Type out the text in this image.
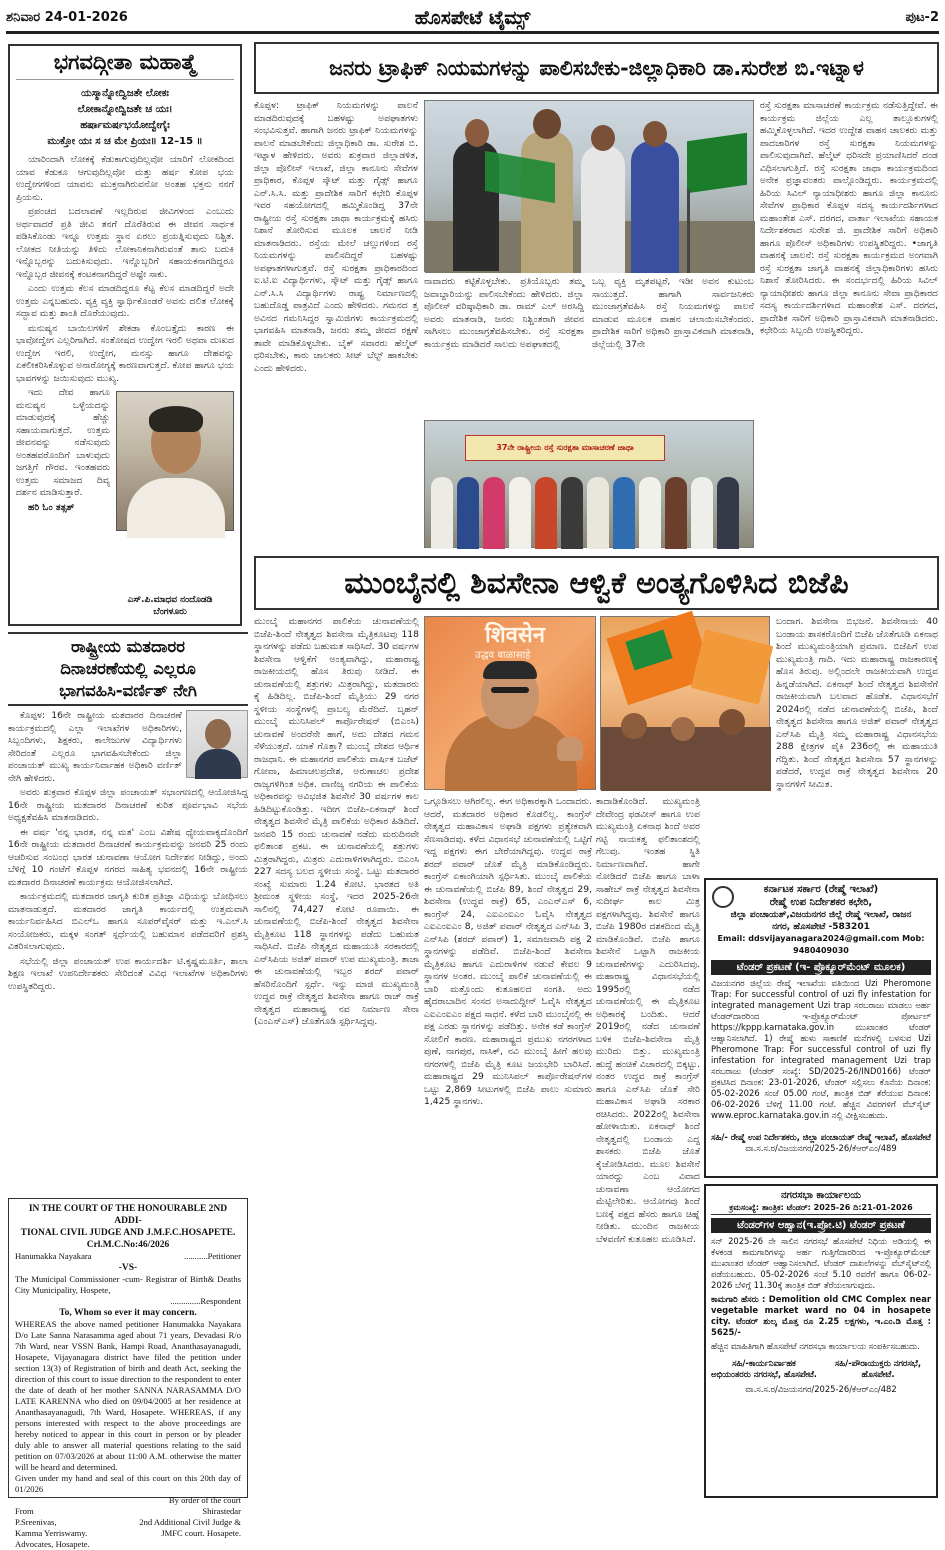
ಶನಿವಾರ 24-01-2026	ಹೊಸಪೇಟೆ ಟೈಮ್ಸ್	ಪುಟ-2
ಭಗವದ್ಗೀತಾ ಮಹಾತ್ಮೆ
ಯಸ್ಮಾನ್ನೋದ್ವಿಜತೇ ಲೋಕಃ
ಲೋಕಾನ್ನೋದ್ವಿಜತೇ ಚ ಯಃ।
ಹರ್ಷಾಮರ್ಷಭಯೋದ್ವೇಗೈಃ
ಮುಕ್ತೋ ಯಃ ಸ ಚ ಮೇ ಪ್ರಿಯಃ॥ 12–15 ॥

ಯಾರಿಂದಾಗಿ ಲೋಕಕ್ಕೆ ಕೆಡುಕಾಗುವುದಿಲ್ಲವೋ ಯಾರಿಗೆ ಲೋಕದಿಂದ ಯಾವ ಕೆಡುಕೂ ಆಗುವುದಿಲ್ಲವೋ ಮತ್ತು ಹರ್ಷ ಕೋಪ ಭಯ ಉದ್ವೇಗಗಳಿಂದ ಯಾವನು ಮುಕ್ತನಾಗಿರುವನೋ ಅಂತಹ ಭಕ್ತನು ನನಗೆ ಪ್ರಿಯನು.

ಪ್ರಪಂಚದ ಬದಲಾವಣೆ ಇಲ್ಲದಿರುವ ಜೀವಿಗಳಂದ ಎಂಬುದು ಅರ್ಥವಾದರೆ ಪ್ರತಿ ಜೀವಿ ತನಗೆ ದೊರೆತಿರುವ ಈ ಜೀವನ ಸಾರ್ಥಕ ಪಡಿಸಿಕೊಂಡು ಇನ್ನೂ ಉತ್ತಮ ಸ್ಥಾನ ಏರಲು ಪ್ರಯತ್ನಿಸುವುದು ನಿಶ್ಚಿತ. ಲೋಕದ ನೀತಿಯನ್ನು ತಿಳಿದು ಲೋಕಾನಿಕನಾಗಿರುವಂತೆ ತಾನು ಬದುಕಿ ಇನ್ನೊಬ್ಬರನ್ನು ಬದುಕಿಸುವುದು. ಇನ್ನೊಬ್ಬರಿಗೆ ಸಹಾಯಕನಾಗದಿದ್ದರೂ ಇನ್ನೊಬ್ಬರ ಜೀವನಕ್ಕೆ ಕಂಟಕನಾಗದಿದ್ದರೆ ಅಷ್ಟೇ ಸಾಕು.

ಎಂದು ಉತ್ತಮ ಕೆಲಸ ಮಾಡದಿದ್ದರೂ ಕೆಟ್ಟ ಕೆಲಸ ಮಾಡದಿದ್ದರೆ ಅದೇ ಉತ್ತಮ ಎನ್ನಬಹುದು. ವ್ಯಕ್ತಿ ವ್ಯಕ್ತಿ ಸ್ವಾರ್ಥಿಕೊಂಡರೆ ಅವನು ದಲಿತ ಲೋಕಕ್ಕೆ ಸದ್ಭಾವ ಮತ್ತು ಶಾಂತಿ ದೊರೆಯುವುದು.

ಮನುಷ್ಯನ ಬಾಯಿಲಗಳಿಗೆ ಶೇಕಡಾ ಕೊಂಬತ್ತೈದು ಕಾರಣ ಈ ಭಾವೋದ್ವೇಗ ಎಲ್ಲರಿಗಾಗಿದೆ. ಸಂತೋಷದ ಉದ್ವೇಗ ಇರಲಿ ಅಥವಾ ದುಃಖದ ಉದ್ವೇಗ ಇರಲಿ, ಉದ್ವೇಗ, ಮನಸ್ಸು ಹಾಗೂ ದೇಹವನ್ನು ಏಕಲೀಕರಿಸಿಕೊಳ್ಳುವ ಅನಾರೋಗ್ಯಕ್ಕೆ ಕಾರಣವಾಗುತ್ತದೆ. ಕೋಪ ಹಾಗೂ ಭಯ ಭಾವಗಳನ್ನು ಜಯಿಸುವುದು ಮುಖ್ಯ.

ಇದು ದೇವ ಹಾಗೂ ಮನುಷ್ಯನ ಒಳ್ಳೆಯದನ್ನು ಮಾಡುವುದಕ್ಕೆ ಹೆಚ್ಚು ಸಹಾಯವಾಗುತ್ತದೆ. ಉತ್ತಮ ಜೀವನವನ್ನು ನಡೆಸುವುದು ಅಂತಹವರೊಂದಿಗೆ ಬಾಳುವುದು ಜಗತ್ತಿಗೆ ಗೌರವ. ಇಂತಹವರು ಉತ್ತಮ ಸಮಾಜದ ದಿವ್ಯ ದರ್ಶನ ಮಾಡಿಸುತ್ತಾರೆ.

ಹರಿ ಓಂ ತತ್ಸತ್

ಎಸ್.ಪಿ.ಮಾಧವ ನಂದೊಡಡಿ
ಬೆಂಗಳೂರು
ರಾಷ್ಟ್ರೀಯ ಮತದಾರರ
ದಿನಾಚರಣೆಯಲ್ಲಿ ಎಲ್ಲರೂ
ಭಾಗವಹಿಸಿ-ವರ್ಣಿತ್ ನೇಗಿ

ಕೊಪ್ಪಳ: 16ನೇ ರಾಷ್ಟ್ರೀಯ ಮತದಾರರ ದಿನಾಚರಣೆ ಕಾರ್ಯಕ್ರಮದಲ್ಲಿ ಎಲ್ಲಾ ಇಲಾಖೆಗಳ ಅಧಿಕಾರಿಗಳು, ಸಿಬ್ಬಂದಿಗಳು, ಶಿಕ್ಷಕರು, ಕಾಲೇಜುಗಳ ವಿದ್ಯಾರ್ಥಿಗಳು ಸೇರಿದಂತೆ ಎಲ್ಲರೂ ಭಾಗವಹಿಸಬೇಕೆಂದು ಜಿಲ್ಲಾ ಪಂಚಾಯತ್ ಮುಖ್ಯ ಕಾರ್ಯನಿರ್ವಾಹಕ ಅಧಿಕಾರಿ ವರ್ಣಿತ್ ನೇಗಿ ಹೇಳಿದರು.

ಅವರು ಶುಕ್ರವಾರ ಕೊಪ್ಪಳ ಜಿಲ್ಲಾ ಪಂಚಾಯತ್ ಸಭಾಂಗಣದಲ್ಲಿ ಆಯೋಜಿಸಿದ್ದ 16ನೇ ರಾಷ್ಟ್ರೀಯ ಮತದಾರರ ದಿನಾಚರಣೆ ಕುರಿತ ಪೂರ್ವಭಾವಿ ಸಭೆಯ ಅಧ್ಯಕ್ಷತೆವಹಿಸಿ ಮಾತನಾಡಿದರು.

ಈ ವರ್ಷ 'ನನ್ನ ಭಾರತ, ನನ್ನ ಮತ' ಎಂಬ ವಿಶೇಷ ಧ್ಯೇಯವಾಕ್ಯದೊಂದಿಗೆ 16ನೇ ರಾಷ್ಟ್ರೀಯ ಮತದಾರರ ದಿನಾಚರಣೆ ಕಾರ್ಯಕ್ರಮವನ್ನು ಜನವರಿ 25 ರಂದು ಆಚರಿಸುವ ಸಂಬಂಧ ಭಾರತ ಚುನಾವಣಾ ಆಯೋಗ ನಿರ್ದೇಶನ ನೀಡಿದ್ದು, ಅಂದು ಬೆಳಿಗ್ಗೆ 10 ಗಂಟೆಗೆ ಕೊಪ್ಪಳ ನಗರದ ಸಾಹಿತ್ಯ ಭವನದಲ್ಲಿ 16ನೇ ರಾಷ್ಟ್ರೀಯ ಮತದಾರರ ದಿನಾಚರಣೆ ಕಾರ್ಯಕ್ರಮ ಆಯೋಜಿಸಲಾಗಿದೆ.

ಕಾರ್ಯಕ್ರಮದಲ್ಲಿ ಮತದಾರರ ಜಾಗೃತಿ ಕುರಿತ ಪ್ರತಿಜ್ಞಾ ವಿಧಿಯನ್ನು ಬೋಧಿಸಲು ಮಾತನಾಡುತ್ತದೆ. ಮತದಾರರ ಜಾಗೃತಿ ಕಾರ್ಯದಲ್ಲಿ ಉತ್ತಮವಾಗಿ ಕಾರ್ಯನಿರ್ವಹಿಸಿದ ಬಿಎಲ್‌ಒ ಹಾಗೂ ಸೂಪರ್‌ವೈಸರ್ ಮತ್ತು ಇ.ಎಲ್.ಸಿ ಸಂಯೋಜಕರು, ಮಕ್ಕಳ ಸಂಗತ್ ಸ್ಪರ್ಧೆಯಲ್ಲಿ ಬಹುಮಾನ ಪಡೆದವರಿಗೆ ಪ್ರಶಸ್ತಿ ವಿತರಿಸಲಾಗುವುದು.

ಸಭೆಯಲ್ಲಿ ಜಿಲ್ಲಾ ಪಂಚಾಯತ್ ಉಪ ಕಾರ್ಯದರ್ಶಿ ಟಿ.ಕೃಷ್ಣಮೂರ್ತಿ, ಶಾಲಾ ಶಿಕ್ಷಣ ಇಲಾಖೆ ಉಪನಿರ್ದೇಶಕರು ಸೇರಿದಂತೆ ವಿವಿಧ ಇಲಾಖೆಗಳ ಅಧಿಕಾರಿಗಳು ಉಪಸ್ಥಿತರಿದ್ದರು.

IN THE COURT OF THE HONOURABLE 2ND ADDI-
TIONAL CIVIL JUDGE AND J.M.F.C.HOSAPETE.
Crl.M.C.No:46/2026
Hanumakka Nayakara	...........Petitioner
-VS-
The Municipal Commissioner -cum- Registrar of Birth& Deaths City Municipality, Hospete,
..............Respondent
To, Whom so ever it may concern.
WHEREAS the above named petitioner Hanumakka Nayakara D/o Late Sanna Narasamma aged about 71 years, Devadasi R/o 7th Ward, near VSSN Bank, Hampi Road, Ananthasayanagudi, Hosapete, Vijayanagara district have filed the petition under section 13(3) of Registration of birth and death Act, seeking the direction of this court to issue direction to the respondent to enter the date of death of her mother SANNA NARASAMMA D/O LATE KARENNA who died on 09/04/2005 at her residence at Ananthasayanagudi, 7th Ward, Hosapete. WHEREAS, if any persons interested with respect to the above proceedings are hereby noticed to appear in this court in person or by pleader duly able to answer all material questions relating to the said petition on 07/03/2026 at about 11:00 A.M. otherwise the matter will be heard and determined.
Given under my hand and seal of this court on this 20th day of 01/2026
By order of the court
From	Shirastedar
P.Sreenivas,	2nd Additional Civil Judge &
Kamma Yerriswamy.	JMFC court. Hosapete.
Advocates, Hosapete.
ಜನರು ಟ್ರಾಫಿಕ್ ನಿಯಮಗಳನ್ನು ಪಾಲಿಸಬೇಕು-ಜಿಲ್ಲಾಧಿಕಾರಿ ಡಾ.ಸುರೇಶ ಬಿ.ಇಟ್ನಾಳ
ಕೊಪ್ಪಳ: ಟ್ರಾಫಿಕ್ ನಿಯಮಗಳನ್ನು ಪಾಲನೆ ಮಾಡದಿರುವುದಕ್ಕೆ ಬಹಳಷ್ಟು ಅಪಘಾತಗಳು ಸಂಭವಿಸುತ್ತವೆ. ಹಾಗಾಗಿ ಜನರು ಟ್ರಾಫಿಕ್ ನಿಯಮಗಳನ್ನು ಪಾಲನೆ ಮಾಡಬೇಕೆಂದು ಜಿಲ್ಲಾಧಿಕಾರಿ ಡಾ. ಸುರೇಶ ಬಿ. ಇಟ್ನಾಳ ಹೇಳಿದರು. ಅವರು ಶುಕ್ರವಾರ ಜಿಲ್ಲಾಡಳಿತ, ಜಿಲ್ಲಾ ಪೊಲೀಸ್ ಇಲಾಖೆ, ಜಿಲ್ಲಾ ಕಾನೂನು ಸೇವೆಗಳ ಪ್ರಾಧಿಕಾರ, ಕೊಪ್ಪಳ ಸ್ಕೌಟ್ ಮತ್ತು ಗೈಡ್ಸ್ ಹಾಗೂ ಎನ್.ಸಿ.ಸಿ. ಮತ್ತು ಪ್ರಾದೇಶಿಕ ಸಾರಿಗೆ ಕಛೇರಿ ಕೊಪ್ಪಳ ಇವರ ಸಹಯೋಗದಲ್ಲಿ ಹಮ್ಮಿಕೊಂಡಿದ್ದ 37ನೇ ರಾಷ್ಟ್ರೀಯ ರಸ್ತೆ ಸುರಕ್ಷತಾ ಜಾಥಾ ಕಾರ್ಯಕ್ರಮಕ್ಕೆ ಹಸಿರು ನಿಶಾನೆ ತೋರಿಸುವ ಮೂಲಕ ಚಾಲನೆ ನೀಡಿ ಮಾತನಾಡಿದರು. ರಸ್ತೆಯ ಮೇಲೆ ಚಲ್ಲುಗಳಿಂದ ರಸ್ತೆ ನಿಯಮಗಳನ್ನು ಪಾಲಿಸದಿದ್ದರೆ ಬಹಳಷ್ಟು ಅಪಘಾತಗಳಾಗುತ್ತವೆ. ರಸ್ತೆ ಸುರಕ್ಷತಾ ಪ್ರಾಧಿಕಾರದಿಂದ ಐ.ಟಿ.ಐ ವಿದ್ಯಾರ್ಥಿಗಳು, ಸ್ಕೌಟ್ ಮತ್ತು ಗೈಡ್ಸ್ ಹಾಗೂ ಎನ್.ಸಿ.ಸಿ ವಿದ್ಯಾರ್ಥಿಗಳು ರಾಷ್ಟ್ರ ನಿರ್ಮಾಣದಲ್ಲಿ ಬಹುದೊಡ್ಡ ಪಾತ್ರವಿದೆ ಎಂದು ಹೇಳಿದರು. ಗಮನದ ತ್ತ ಅವಿನದ ಗಮನಿಸಿದ್ದರ ಸ್ವಾಮಿಜಿಗಳು ಕಾರ್ಯಕ್ರಮದಲ್ಲಿ ಭಾಗವಹಿಸಿ ಮಾತನಾಡಿ, ಜನರು ತಮ್ಮ ಜೀವದ ರಕ್ಷಣೆ ತಾವೇ ಮಾಡಿಕೊಳ್ಳಬೇಕು. ಬೈಕ್ ಸವಾರರು ಹೆಲ್ಮೆಟ್ ಧರಿಸಬೇಕು, ಕಾರು ಚಾಲಕರು ಸೀಟ್ ಬೆಲ್ಟ್ ಹಾಕಬೇಕು ಎಂದು ಹೇಳಿದರು.
ನಾವಾದರು ಕಟ್ಟಿಕೊಳ್ಳಬೇಕು. ಪ್ರತಿಯೊಬ್ಬರು ತಮ್ಮ ಜವಾಬ್ದಾರಿಯನ್ನು ಪಾಲಿಸಬೇಕೆಂದು ಹೇಳಿದರು. ಜಿಲ್ಲಾ ಪೊಲೀಸ್ ವರಿಷ್ಠಾಧಿಕಾರಿ ಡಾ. ರಾಮ್ ಎಲ್ ಅರಸಿದ್ದಿ ಅವರು ಮಾತನಾಡಿ, ಜನರು ನಿಶ್ಚಿಂತರಾಗಿ ಜೀವನ ಸಾಗಿಸಲು ಮುಂಜಾಗ್ರತೆವಹಿಸಬೇಕು. ರಸ್ತೆ ಸುರಕ್ಷತಾ ಕಾರ್ಯಕ್ರಮ ಮಾಡಿದರೆ ಸಾಲದು ಅಪಘಾತದಲ್ಲಿ
ಒಬ್ಬ ವ್ಯಕ್ತಿ ಮೃತಪಟ್ಟರೆ, ಇಡೀ ಅವನ ಕುಟುಂಬ ಸಾಯುತ್ತದೆ. ಹಾಗಾಗಿ ಸಾರ್ವಜನಿಕರು ಮುಂಜಾಗ್ರತೆವಹಿಸಿ ರಸ್ತೆ ನಿಯಮಗಳನ್ನು ಪಾಲನೆ ಮಾಡುವ ಮೂಲಕ ವಾಹನ ಚಲಾಯಿಸಬೇಕೆಂದರು. ಪ್ರಾದೇಶಿಕ ಸಾರಿಗೆ ಅಧಿಕಾರಿ ಪ್ರಾಸ್ತಾವಿಕವಾಗಿ ಮಾತನಾಡಿ, ಜಿಲ್ಲೆಯಲ್ಲಿ 37ನೇ
37ನೇ ರಾಷ್ಟ್ರೀಯ ರಸ್ತೆ ಸುರಕ್ಷತಾ ಮಾಸಾಚರಣೆ ಜಾಥಾ
ರಸ್ತೆ ಸುರಕ್ಷತಾ ಮಾಸಾಚರಣೆ ಕಾರ್ಯಕ್ರಮ ನಡೆಸುತ್ತಿದ್ದೇವೆ. ಈ ಕಾರ್ಯಕ್ರಮ ಜಿಲ್ಲೆಯ ಎಲ್ಲ ತಾಲ್ಲೂಕುಗಳಲ್ಲಿ ಹಮ್ಮಿಕೊಳ್ಳಲಾಗಿದೆ. ಇದರ ಉದ್ದೇಶ ವಾಹನ ಚಾಲಕರು ಮತ್ತು ಪಾದಚಾರಿಗಳ ರಸ್ತೆ ಸುರಕ್ಷತಾ ನಿಯಮಗಳನ್ನು ಪಾಲಿಸುವುದಾಗಿದೆ. ಹೆಲ್ಮೆಟ್ ಧರಿಸದೇ ಪ್ರಯಾಣಿಸಿದರೆ ದಂಡ ವಿಧಿಸಲಾಗುತ್ತಿದೆ. ರಸ್ತೆ ಸುರಕ್ಷತಾ ಜಾಥಾ ಕಾರ್ಯಕ್ರಮದಿಂದ ಅನೇಕ ಪ್ರಜ್ಞಾವಂತರು ಪಾಲ್ಗೊಂಡಿದ್ದರು. ಕಾರ್ಯಕ್ರಮದಲ್ಲಿ ಹಿರಿಯ ಸಿವಿಲ್ ನ್ಯಾಯಾಧೀಶರು ಹಾಗೂ ಜಿಲ್ಲಾ ಕಾನೂನು ಸೇವೆಗಳ ಪ್ರಾಧಿಕಾರ ಕೊಪ್ಪಳ ಸದಸ್ಯ ಕಾರ್ಯದರ್ಶಿಗಳಾದ ಮಹಾಂತೇಶ ಎಸ್. ದರಗದ, ವಾರ್ತಾ ಇಲಾಖೆಯ ಸಹಾಯಕ ನಿರ್ದೇಶಕರಾದ ಸುರೇಶ ಜಿ. ಪ್ರಾದೇಶಿಕ ಸಾರಿಗೆ ಅಧಿಕಾರಿ ಹಾಗೂ ಪೊಲೀಸ್ ಅಧಿಕಾರಿಗಳು ಉಪಸ್ಥಿತರಿದ್ದರು. •ಜಾಗೃತಿ ವಾಹನಕ್ಕೆ ಚಾಲನೆ: ರಸ್ತೆ ಸುರಕ್ಷತಾ ಕಾರ್ಯಕ್ರಮದ ಅಂಗವಾಗಿ ರಸ್ತೆ ಸುರಕ್ಷತಾ ಜಾಗೃತಿ ವಾಹನಕ್ಕೆ ಜಿಲ್ಲಾಧಿಕಾರಿಗಳು ಹಸಿರು ನಿಶಾನೆ ತೋರಿಸಿದರು. ಈ ಸಂದರ್ಭದಲ್ಲಿ ಹಿರಿಯ ಸಿವಿಲ್ ನ್ಯಾಯಾಧೀಶರು ಹಾಗೂ ಜಿಲ್ಲಾ ಕಾನೂನು ಸೇವಾ ಪ್ರಾಧಿಕಾರದ ಸದಸ್ಯ ಕಾರ್ಯದರ್ಶಿಗಳಾದ ಮಹಾಂತೇಶ ಎಸ್. ದರಗದ, ಪ್ರಾದೇಶಿಕ ಸಾರಿಗೆ ಅಧಿಕಾರಿ ಪ್ರಾಸ್ತಾವಿಕವಾಗಿ ಮಾತನಾಡಿದರು. ಕಛೇರಿಯ ಸಿಬ್ಬಂದಿ ಉಪಸ್ಥಿತರಿದ್ದರು.
ಮುಂಬೈನಲ್ಲಿ ಶಿವಸೇನಾ ಆಳ್ವಿಕೆ ಅಂತ್ಯಗೊಳಿಸಿದ ಬಿಜೆಪಿ
ಮುಂಬೈ ಮಹಾನಗರ ಪಾಲಿಕೆಯ ಚುನಾವಣೆಯಲ್ಲಿ ಬಿಜೆಪಿ-ಶಿಂದೆ ನೇತೃತ್ವದ ಶಿವಸೇನಾ ಮೈತ್ರಿಕೂಟವು 118 ಸ್ಥಾನಗಳನ್ನು ಪಡೆದು ಬಹುಮತ ಸಾಧಿಸಿದೆ. 30 ವರ್ಷಗಳ ಶಿವಸೇನಾ ಆಳ್ವಿಕೆಗೆ ಅಂತ್ಯವಾಗಿದ್ದು, ಮಹಾರಾಷ್ಟ್ರ ರಾಜಕೀಯದಲ್ಲಿ ಹೊಸ ತಿರುವು ನೀಡಿದೆ. ಈ ಚುನಾವಣೆಯಲ್ಲಿ ಶತ್ರುಗಳು ಮಿತ್ರರಾಗಿದ್ದು, ಮತದಾರರು ಕೈ ಹಿಡಿದಿಲ್ಲ. ಬಿಜೆಪಿ-ಶಿಂದೆ ಮೈತ್ರಿಯು 29 ನಗರ ಸ್ಥಳೀಯ ಸಂಸ್ಥೆಗಳಲ್ಲಿ ಪ್ರಾಬಲ್ಯ ಮೆರೆದಿದೆ. ಬೃಹನ್ ಮುಂಬೈ ಮುನಿಸಿಪಲ್ ಕಾರ್ಪೊರೇಷನ್ (ಬಿಎಂಸಿ) ಚುನಾವಣೆ ಅಂದರೆನೇ ಹಾಗೆ, ಅದು ದೇಶದ ಗಮನ ಸೆಳೆಯುತ್ತದೆ. ಯಾಕೆ ಗೊತ್ತಾ? ಮುಂಬೈ ದೇಶದ ಆರ್ಥಿಕ ರಾಜಧಾನಿ. ಈ ಮಹಾನಗರ ಪಾಲಿಕೆಯ ವಾರ್ಷಿಕ ಬಜೆಟ್ ಗೋವಾ, ಹಿಮಾಚಲಪ್ರದೇಶ, ಅರುಣಾಚಲ ಪ್ರದೇಶ ರಾಜ್ಯಗಳಿಗಿಂತ ಅಧಿಕ. ವಾಣಿಜ್ಯ ನಗರಿಯ ಈ ಪಾಲಿಕೆಯ ಅಧಿಕಾರವನ್ನು ಅವಿಭಜಿತ ಶಿವಸೇನೆ 30 ವರ್ಷಗಳ ಕಾಲ ಹಿಡಿದಿಟ್ಟುಕೊಂಡಿತ್ತು. ಇದೀಗ ಬಿಜೆಪಿ-ಏಕನಾಥ್ ಶಿಂದೆ ನೇತೃತ್ವದ ಶಿವಸೇನೆ ಮೈತ್ರಿ ಪಾಲಿಕೆಯ ಅಧಿಕಾರ ಹಿಡಿದಿದೆ. ಜನವರಿ 15 ರಂದು ಚುನಾವಣೆ ನಡೆದು ಮರುದಿನವೇ ಫಲಿತಾಂಶ ಪ್ರಕಟ. ಈ ಚುನಾವಣೆಯಲ್ಲಿ ಶತ್ರುಗಳು ಮಿತ್ರರಾಗಿದ್ದರು, ಮಿತ್ರರು ಎದುರಾಳಿಗಳಾಗಿದ್ದರು. ಬಿಎಂಸಿ 227 ಸದಸ್ಯ ಬಲದ ಸ್ಥಳೀಯ ಸಂಸ್ಥೆ. ಒಟ್ಟು ಮತದಾರರ ಸಂಖ್ಯೆ ಸುಮಾರು 1.24 ಕೋಟಿ. ಭಾರತದ ಅತಿ ಶ್ರೀಮಂತ ಸ್ಥಳೀಯ ಸಂಸ್ಥೆ, ಇದರ 2025-26ನೇ ಸಾಲಿನಲ್ಲಿ 74,427 ಕೋಟಿ ರೂಪಾಯಿ. ಈ ಚುನಾವಣೆಯಲ್ಲಿ ಬಿಜೆಪಿ-ಶಿಂದೆ ನೇತೃತ್ವದ ಶಿವಸೇನಾ ಮೈತ್ರಿಕೂಟ 118 ಸ್ಥಾನಗಳನ್ನು ಪಡೆದು ಬಹುಮತ ಸಾಧಿಸಿದೆ. ಬಿಜೆಪಿ ನೇತೃತ್ವದ ಮಹಾಯುತಿ ಸರಕಾರದಲ್ಲಿ ಎನ್‌ಸಿಪಿಯ ಅಜಿತ್ ಪವಾರ್ ಉಪ ಮುಖ್ಯಮಂತ್ರಿ. ತಾಜಾ ಈ ಚುನಾವಣೆಯಲ್ಲಿ ಇಬ್ಬರ ಶರದ್ ಪವಾರ್ ಹೆಸರಿನೊಂದಿಗೆ ಸ್ಪರ್ಧೆ. ಇನ್ನು ಮಾಜಿ ಮುಖ್ಯಮಂತ್ರಿ ಉದ್ಧವ ಠಾಕ್ರೆ ನೇತೃತ್ವದ ಶಿವಸೇನಾ ಹಾಗೂ ರಾಜ್ ಠಾಕ್ರೆ ನೇತೃತ್ವದ ಮಹಾರಾಷ್ಟ್ರ ನವ ನಿರ್ಮಾಣ ಸೇನಾ (ಎಂಎನ್‌ಎಸ್) ಜೊತೆಗೂಡಿ ಸ್ಪರ್ಧಿಸಿದ್ದವು.
शिवसेन
उद्धव बाळासाहे
ಒಗ್ಗೂಡಿಸಲು ಆಗಿರಲಿಲ್ಲ. ಈಗ ಅಧಿಕಾರಕ್ಕಾಗಿ ಒಂದಾದರು. ಆದರೆ, ಮತದಾರರ ಅಧಿಕಾರ ಕೊಡಲಿಲ್ಲ. ಕಾಂಗ್ರೆಸ್ ನೇತೃತ್ವದ ಮಹಾವಿಕಾಸ ಅಘಾಡಿ ಪಕ್ಷಗಳು ಪ್ರತ್ಯೇಕವಾಗಿ ಸೆಣಸಾಡಿದವು. ಕಳೆದ ವಿಧಾನಸಭೆ ಚುನಾವಣೆಯಲ್ಲಿ ಒಟ್ಟಿಗೆ ಇದ್ದ ಪಕ್ಷಗಳು ಈಗ ಬೇರೆಯಾಗಿದ್ದವು. ಉದ್ಧವ ಠಾಕ್ರೆ ಶರದ್ ಪವಾರ್ ಜೊತೆ ಮೈತ್ರಿ ಮಾಡಿಕೊಂಡಿದ್ದರು. ಕಾಂಗ್ರೆಸ್ ಏಕಾಂಗಿಯಾಗಿ ಸ್ಪರ್ಧಿಸಿತು. ಮುಂಬೈ ಪಾಲಿಕೆಯ ಈ ಚುನಾವಣೆಯಲ್ಲಿ ಬಿಜೆಪಿ 89, ಶಿಂದೆ ನೇತೃತ್ವದ 29, ಶಿವಸೇನಾ (ಉದ್ಧವ ಠಾಕ್ರೆ) 65, ಎಂಎನ್‌ಎಸ್ 6, ಕಾಂಗ್ರೆಸ್ 24, ಎಐಎಂಐಎಂ ಓವೈಸಿ ನೇತೃತ್ವದ ಎಐಎಂಐಎಂ 8, ಅಜಿತ್ ಪವಾರ್ ನೇತೃತ್ವದ ಎನ್‌ಸಿಪಿ 3, ಎನ್‌ಸಿಪಿ (ಶರದ್ ಪವಾರ್) 1, ಸಮಾಜವಾದಿ ಪಕ್ಷ 2 ಸ್ಥಾನಗಳನ್ನು ಪಡೆದಿವೆ. ಬಿಜೆಪಿ-ಶಿಂದೆ ಶಿವಸೇನಾ ಮೈತ್ರಿಕೂಟ ಹಾಗೂ ಎದುರಾಳಿಗಳ ನಡುವೆ ಕೇವಲ 9 ಸ್ಥಾನಗಳ ಅಂತರ. ಮುಂಬೈ ಪಾಲಿಕೆ ಚುನಾವಣೆಯಲ್ಲಿ ಈ ಬಾರಿ ಮತ್ತೊಂದು ಕುತೂಹಲದ ಸಂಗತಿ. ಅದು ಹೈದರಾಬಾದಿನ ಸಂಸದ ಅಸಾದುದ್ದೀನ್ ಓವೈಸಿ ನೇತೃತ್ವದ ಎಐಎಂಐಎಂ ಪಕ್ಷದ ಸಾಧನೆ. ಕಳೆದ ಬಾರಿ ಮುಂಬೈನಲ್ಲಿ ಈ ಪಕ್ಷ ಎರಡು ಸ್ಥಾನಗಳನ್ನು ಪಡೆದಿತ್ತು. ಅನೇಕ ಕಡೆ ಕಾಂಗ್ರೆಸ್ ಸೋಲಿಗೆ ಕಾರಣ. ಮಹಾರಾಷ್ಟ್ರದ ಪ್ರಮುಖ ನಗರಗಳಾದ ಪುಣೆ, ನಾಗಪುರ, ನಾಸಿಕ್, ನವಿ ಮುಂಬೈ ಹೀಗೆ ಹಲವು ನಗರಗಳಲ್ಲಿ ಬಿಜೆಪಿ ಮೈತ್ರಿ ಕೂಟ ಜಯಭೇರಿ ಬಾರಿಸಿದೆ. ಮಹಾರಾಷ್ಟ್ರದ 29 ಮುನಿಸಿಪಲ್ ಕಾರ್ಪೊರೇಷನ್‌ಗಳ ಒಟ್ಟು 2,869 ಸೀಟುಗಳಲ್ಲಿ ಬಿಜೆಪಿ ಪಾಲು ಸುಮಾರು 1,425 ಸ್ಥಾನಗಳು.
ಕಾದಾಡಿಕೊಂಡಿದೆ. ಮುಖ್ಯಮಂತ್ರಿ ದೇವೇಂದ್ರ ಫಡವೀಸ್ ಹಾಗೂ ಉಪ ಮುಖ್ಯಮಂತ್ರಿ ಏಕನಾಥ ಶಿಂದೆ ಅವರ ಗಟ್ಟಿ ನಾಯಕತ್ವ ಫಲಿತಾಂಶದಲ್ಲಿ ಗೆಲುವು. ಇಂತಹ ಸ್ಥಿತಿ ನಿರ್ಮಾಣವಾಗಿದೆ. ಹಾಗೇ ನೋಡಿದರೆ ಬಿಜೆಪಿ ಹಾಗೂ ಬಾಳಾ ಸಾಹೇಬ್ ಠಾಕ್ರೆ ನೇತೃತ್ವದ ಶಿವಸೇನಾ ಸುದೀರ್ಘ ಕಾಲ ಮಿತ್ರ ಪಕ್ಷಗಳಾಗಿದ್ದವು. ಶಿವಸೇನೆ ಹಾಗೂ ಬಿಜೆಪಿ 1980ರ ದಶಕದಿಂದ ಮೈತ್ರಿ ಮಾಡಿಕೊಂಡಿವೆ. ಬಿಜೆಪಿ ಹಾಗೂ ಶಿವಸೇನೆ ಒಟ್ಟಾಗಿ ರಾಜಕೀಯ ಚುನಾವಣೆಗಳನ್ನು ಎದುರಿಸಿದವು. ಮಹಾರಾಷ್ಟ್ರ ವಿಧಾನಸಭೆಯಲ್ಲಿ 1995ರಲ್ಲಿ ನಡೆದ ಚುನಾವಣೆಯಲ್ಲಿ ಈ ಮೈತ್ರಿಕೂಟ ಅಧಿಕಾರಕ್ಕೆ ಬಂದಿತು. ಆದರೆ 2019ರಲ್ಲಿ ನಡೆದ ಚುನಾವಣೆ ಬಳಿಕ ಬಿಜೆಪಿ-ಶಿವಸೇನಾ ಮೈತ್ರಿ ಮುರಿದು ಬಿತ್ತು. ಮುಖ್ಯಮಂತ್ರಿ ಹುದ್ದೆ ಹಂಚಿಕೆ ವಿಚಾರದಲ್ಲಿ ಬಿಕ್ಕಟ್ಟು. ನಂತರ ಉದ್ಧವ ಠಾಕ್ರೆ ಕಾಂಗ್ರೆಸ್ ಹಾಗೂ ಎನ್‌ಸಿಪಿ ಜೊತೆ ಸೇರಿ ಮಹಾವಿಕಾಸ ಅಘಾಡಿ ಸರಕಾರ ರಚಿಸಿದರು. 2022ರಲ್ಲಿ ಶಿವಸೇನಾ ಹೋಳಾಯಿತು. ಏಕನಾಥ್ ಶಿಂದೆ ನೇತೃತ್ವದಲ್ಲಿ ಬಂಡಾಯ ಎದ್ದ ಶಾಸಕರು ಬಿಜೆಪಿ ಜೊತೆ ಕೈಜೋಡಿಸಿದರು. ಮೂಲ ಶಿವಸೇನೆ ಯಾರದ್ದು ಎಂಬ ವಿವಾದ ಚುನಾವಣಾ ಆಯೋಗದ ಮೆಟ್ಟಿಲೇರಿತು. ಆಯೋಗವು ಶಿಂದೆ ಬಣಕ್ಕೆ ಪಕ್ಷದ ಹೆಸರು ಹಾಗೂ ಚಿಹ್ನೆ ನೀಡಿತು. ಮುಂದಿನ ರಾಜಕೀಯ ಬೆಳವಣಿಗೆ ಕುತೂಹಲ ಮೂಡಿಸಿದೆ.
ಬಂದಾಗ. ಶಿವಸೇನಾ ಬಿಭಜನೆ. ಶಿವಸೇನಾಯ 40 ಬಂಡಾಯ ಶಾಸಕರೊಂದಿಗೆ ಬಿಜೆಪಿ ಜೊತೆಗೂಡಿ ಏಕನಾಥ ಶಿಂದೆ ಮುಖ್ಯಮಂತ್ರಿಯಾಗಿ ಪ್ರಮಾಣ. ಬಿಜೆಪಿಗೆ ಉಪ ಮುಖ್ಯಮಂತ್ರಿ ಗಾದಿ. ಇದು ಮಹಾರಾಷ್ಟ್ರ ರಾಜಕಾರಣಕ್ಕೆ ಹೊಸ ತಿರುವು. ಅಲ್ಲಿಂದಲೇ ರಾಜಕೀಯವಾಗಿ ಉದ್ಧವ ಹಿನ್ನಡೆಯಾಗಿದೆ. ಏಕನಾಥ್ ಶಿಂದೆ ನೇತೃತ್ವದ ಶಿವಸೇನೆಗೆ ರಾಜಕೀಯವಾಗಿ ಬಲವಾದ ಹೊಡೆತ. ವಿಧಾನಸಭೆಗೆ 2024ರಲ್ಲಿ ನಡೆದ ಚುನಾವಣೆಯಲ್ಲಿ ಬಿಜೆಪಿ, ಶಿಂದೆ ನೇತೃತ್ವದ ಶಿವಸೇನಾ ಹಾಗೂ ಅಜಿತ್ ಪವಾರ್ ನೇತೃತ್ವದ ಎನ್‌ಸಿಪಿ ಮೈತ್ರಿ ಸಮ್ಮ ಮಹಾರಾಷ್ಟ್ರ ವಿಧಾನಸಭೆಯ 288 ಕ್ಷೇತ್ರಗಳ ಪೈಕಿ 236ರಲ್ಲಿ ಈ ಮಹಾಯುತಿ ಗೆದ್ದಿತು. ಶಿಂದೆ ನೇತೃತ್ವದ ಶಿವಸೇನಾ 57 ಸ್ಥಾನಗಳನ್ನು ಪಡೆದರೆ, ಉದ್ಧವ ಠಾಕ್ರೆ ನೇತೃತ್ವದ ಶಿವಸೇನಾ 20 ಸ್ಥಾನಗಳಿಗೆ ಸೀಮಿತ.
ಕರ್ನಾಟಕ ಸರ್ಕಾರ (ರೇಷ್ಮೆ ಇಲಾಖೆ)
ರೇಷ್ಮೆ ಉಪ ನಿರ್ದೇಶಕರ ಕಛೇರಿ,
ಜಿಲ್ಲಾ ಪಂಚಾಯತ್,ವಿಜಯನಗರ ಜಿಲ್ಲೆ ರೇಷ್ಮೆ ಇಲಾಖೆ, ರಾಜನ
ನಗರ, ಹೊಸಪೇಟೆ -583201
Email: ddsvijayanagara2024@gmail.com Mob: 9480409030
ಟೆಂಡರ್ ಪ್ರಕಟಣೆ (ಇ- ಪ್ರೊಕ್ಯೂರ್‌ಮೆಂಟ್ ಮೂಲಕ)
ವಿಜಯನಗರ ಜಿಲ್ಲೆಯ ರೇಷ್ಮೆ ಇಲಾಖೆಯ ವತಿಯಿಂದ Uzi Pheromone Trap: For successful control of uzi fly infestation for integrated management Uzi trap ಸರಬರಾಜು ಮಾಡಲು ಅರ್ಹ ಟೆಂಡರ್‌ದಾರರಿಂದ ಇ-ಪ್ರೊಕ್ಯೂರ್‌ಮೆಂಟ್ ಪೋರ್ಟಲ್ https://kppp.karnataka.gov.in ಮುಖಾಂತರ ಟೆಂಡರ್ ಆಹ್ವಾನಿಸಲಾಗಿದೆ. 1) ರೇಷ್ಮೆ ಹುಳು ಸಾಕಾಣಿಕೆ ಮನೆಗಳಲ್ಲಿ ಬಳಸುವ Uzi Pheromone Trap: For successful control of uzi fly infestation for integrated management Uzi trap ಸರಬರಾಜು (ಟೆಂಡರ್ ಸಂಖ್ಯೆ: SD/2025-26/IND0166) ಟೆಂಡರ್ ಪ್ರಕಟಿಸಿದ ದಿನಾಂಕ: 23-01-2026, ಟೆಂಡರ್ ಸಲ್ಲಿಸಲು ಕೊನೆಯ ದಿನಾಂಕ: 05-02-2026 ಸಂಜೆ 05.00 ಗಂಟೆ, ತಾಂತ್ರಿಕ ಬಿಡ್ ತೆರೆಯುವ ದಿನಾಂಕ: 06-02-2026 ಬೆಳಿಗ್ಗೆ 11.00 ಗಂಟೆ. ಹೆಚ್ಚಿನ ವಿವರಗಳಿಗೆ ವೆಬ್‌ಸೈಟ್ www.eproc.karnataka.gov.in ನಲ್ಲಿ ವೀಕ್ಷಿಸಬಹುದು.
ಸಹಿ/- ರೇಷ್ಮೆ ಉಪ ನಿರ್ದೇಶಕರು, ಜಿಲ್ಲಾ ಪಂಚಾಯತ್ ರೇಷ್ಮೆ ಇಲಾಖೆ, ಹೊಸಪೇಟೆ
ವಾ.ಸ.ಸ.ರ/ವಿಜಯನಗರ/2025-26/ಕೆಆರ್‌ಎಂ/489
ನಗರಸಭಾ ಕಾರ್ಯಾಲಯ
ಕ್ರಮಸಂಖ್ಯೆ: ತಾಂತ್ರಿಕ: ಟೆಂಡರ್: 2025-26 ದಿ:21-01-2026
ಟೆಂಡರ್‌ಗಳ ಆಹ್ವಾನ(ಇ.ಪ್ರೋ.ಟಿ) ಟೆಂಡರ್ ಪ್ರಕಟಣೆ
ಸನ್ 2025-26 ನೇ ಸಾಲಿನ ನಗರಸಭೆ ಹೊಸಪೇಟೆ ನಿಧಿಯ ಅಡಿಯಲ್ಲಿ ಈ ಕೆಳಕಂಡ ಕಾಮಗಾರಿಗಳನ್ನು ಅರ್ಹ ಗುತ್ತಿಗೆದಾರರಿಂದ ಇ-ಪ್ರೊಕ್ಯೂರ್‌ಮೆಂಟ್ ಮುಖಾಂತರ ಟೆಂಡರ್ ಆಹ್ವಾನಿಸಲಾಗಿದೆ. ಟೆಂಡರ್ ದಾಖಲೆಗಳನ್ನು ವೆಬ್‌ಸೈಟ್‌ನಲ್ಲಿ ಪಡೆಯಬಹುದು. 05-02-2026 ಸಂಜೆ 5.10 ರವರೆಗೆ ಹಾಗೂ 06-02-2026 ಬೆಳಿಗ್ಗೆ 11.30ಕ್ಕೆ ತಾಂತ್ರಿಕ ಬಿಡ್ ತೆರೆಯಲಾಗುವುದು.
ಕಾಮಗಾರಿ ಹೆಸರು : Demolition old CMC Complex near vegetable market ward no 04 in hosapete city. ಟೆಂಡರ್ ಶುಲ್ಕ ಮೊತ್ತ ರೂ 2.25 ಲಕ್ಷಗಳು, ಇ.ಎಂ.ಡಿ ಮೊತ್ತ : 5625/-
ಹೆಚ್ಚಿನ ಮಾಹಿತಿಗಾಗಿ ಹೊಸಪೇಟೆ ನಗರಸಭಾ ಕಾರ್ಯಾಲಯ ಸಂಪರ್ಕಿಸಬಹುದು.
ಸಹಿ/-ಕಾರ್ಯನಿರ್ವಾಹಕ ಅಭಿಯಂತರರು ನಗರಸಭೆ, ಹೊಸಪೇಟೆ.
ಸಹಿ/-ಪೌರಾಯುಕ್ತರು ನಗರಸಭೆ, ಹೊಸಪೇಟೆ.
ವಾ.ಸ.ಸ.ರ/ವಿಜಯನಗರ/2025-26/ಕೆಆರ್‌ಎಂ/482
